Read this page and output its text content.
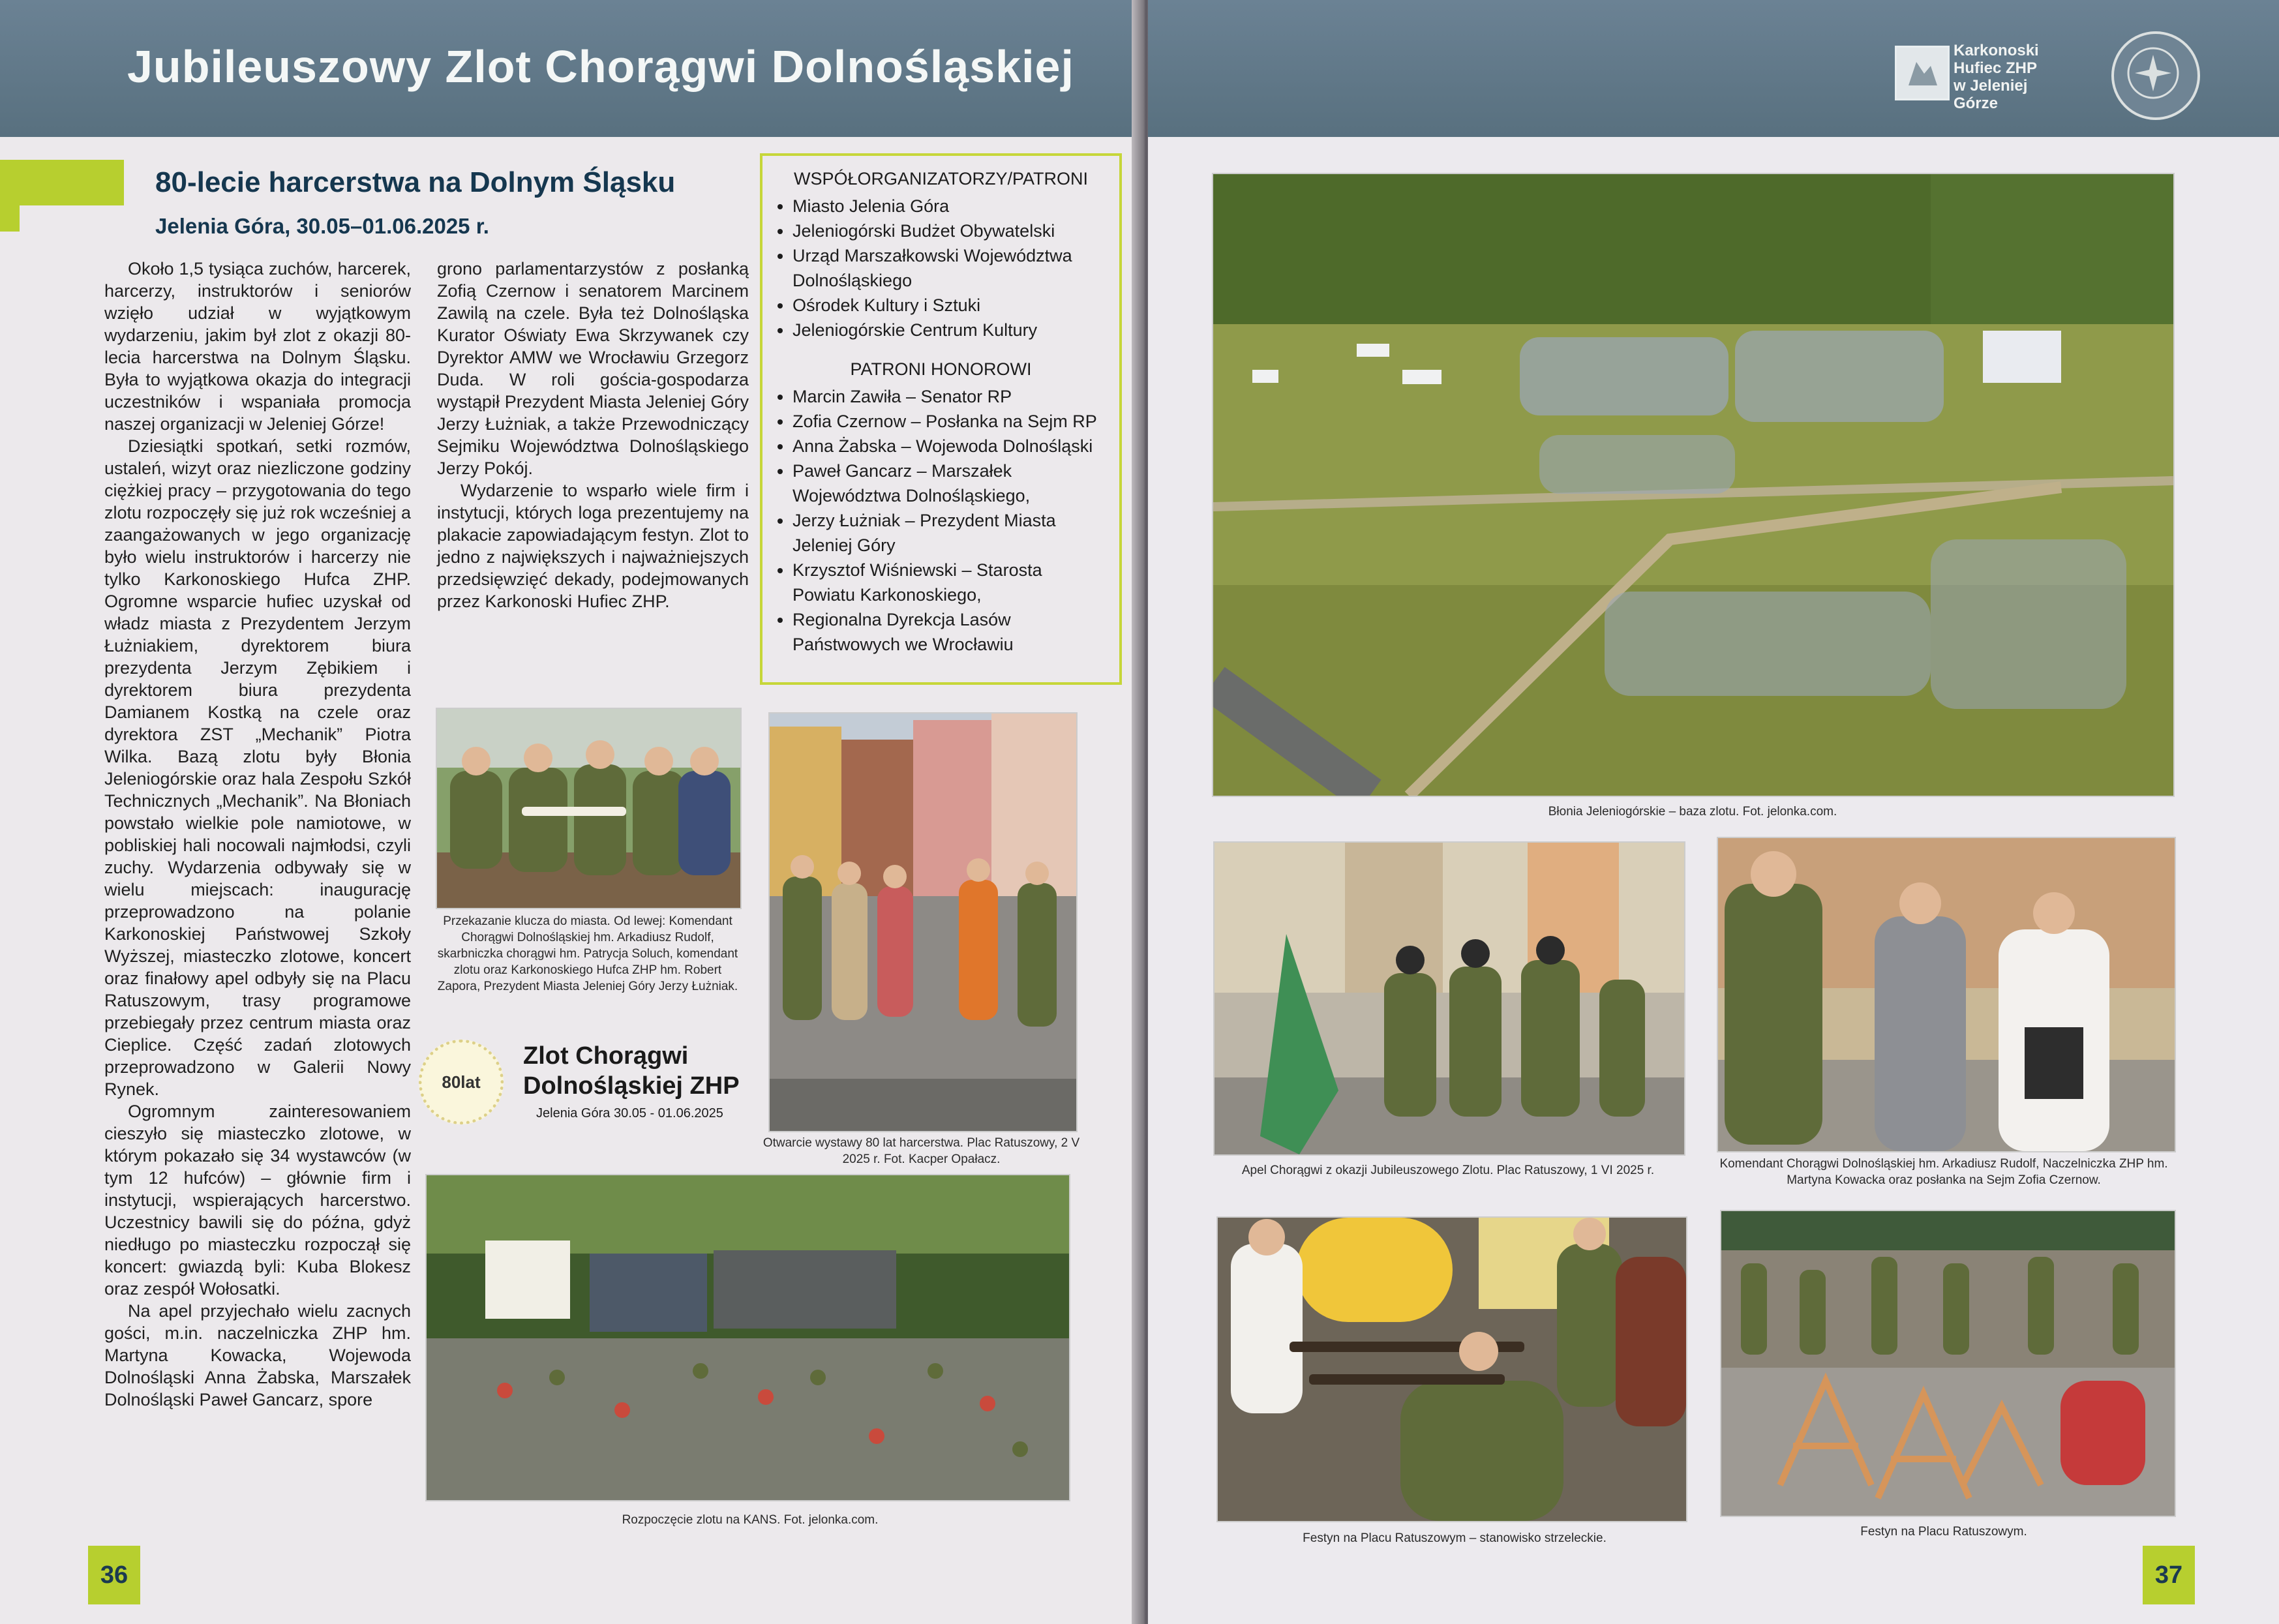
Jubileuszowy Zlot Chorągwi Dolnośląskiej
80-lecie harcerstwa na Dolnym Śląsku
Jelenia Góra, 30.05–01.06.2025 r.

Około 1,5 tysiąca zuchów, harcerek, harcerzy, instruktorów i seniorów wzięło udział w wyjątkowym wydarzeniu, jakim był zlot z okazji 80-lecia harcerstwa na Dolnym Śląsku. Była to wyjątkowa okazja do integracji uczestników i wspaniała promocja naszej organizacji w Jeleniej Górze!

Dziesiątki spotkań, setki rozmów, ustaleń, wizyt oraz niezliczone godziny ciężkiej pracy – przygotowania do tego zlotu rozpoczęły się już rok wcześniej a zaangażowanych w jego organizację było wielu instruktorów i harcerzy nie tylko Karkonoskiego Hufca ZHP. Ogromne wsparcie hufiec uzyskał od władz miasta z Prezydentem Jerzym Łużniakiem, dyrektorem biura prezydenta Jerzym Zębikiem i dyrektorem biura prezydenta Damianem Kostką na czele oraz dyrektora ZST „Mechanik” Piotra Wilka. Bazą zlotu były Błonia Jeleniogórskie oraz hala Zespołu Szkół Technicznych „Mechanik”. Na Błoniach powstało wielkie pole namiotowe, w pobliskiej hali nocowali najmłodsi, czyli zuchy. Wydarzenia odbywały się w wielu miejscach: inaugurację przeprowadzono na polanie Karkonoskiej Państwowej Szkoły Wyższej, miasteczko zlotowe, koncert oraz finałowy apel odbyły się na Placu Ratuszowym, trasy programowe przebiegały przez centrum miasta oraz Cieplice. Część zadań zlotowych przeprowadzono w Galerii Nowy Rynek.

Ogromnym zainteresowaniem cieszyło się miasteczko zlotowe, w którym pokazało się 34 wystawców (w tym 12 hufców) – głównie firm i instytucji, wspierających harcerstwo. Uczestnicy bawili się do późna, gdyż niedługo po miasteczku rozpoczął się koncert: gwiazdą byli: Kuba Blokesz oraz zespół Wołosatki.

Na apel przyjechało wielu zacnych gości, m.in. naczelniczka ZHP hm. Martyna Kowacka, Wojewoda Dolnośląski Anna Żabska, Marszałek Dolnośląski Paweł Gancarz, spore

grono parlamentarzystów z posłanką Zofią Czernow i senatorem Marcinem Zawilą na czele. Była też Dolnośląska Kurator Oświaty Ewa Skrzywanek czy Dyrektor AMW we Wrocławiu Grzegorz Duda. W roli gościa-gospodarza wystąpił Prezydent Miasta Jeleniej Góry Jerzy Łużniak, a także Przewodniczący Sejmiku Województwa Dolnośląskiego Jerzy Pokój.

Wydarzenie to wsparło wiele firm i instytucji, których loga prezentujemy na plakacie zapowiadającym festyn. Zlot to jedno z największych i najważniejszych przedsięwzięć dekady, podejmowanych przez Karkonoski Hufiec ZHP.

WSPÓŁORGANIZATORZY/PATRONI
• Miasto Jelenia Góra
• Jeleniogórski Budżet Obywatelski
• Urząd Marszałkowski Województwa Dolnośląskiego
• Ośrodek Kultury i Sztuki
• Jeleniogórskie Centrum Kultury
PATRONI HONOROWI
• Marcin Zawiła – Senator RP
• Zofia Czernow – Posłanka na Sejm RP
• Anna Żabska – Wojewoda Dolnośląski
• Paweł Gancarz – Marszałek Województwa Dolnośląskiego,
• Jerzy Łużniak – Prezydent Miasta Jeleniej Góry
• Krzysztof Wiśniewski – Starosta Powiatu Karkonoskiego,
• Regionalna Dyrekcja Lasów Państwowych we Wrocławiu
Przekazanie klucza do miasta. Od lewej: Komendant Chorągwi Dolnośląskiej hm. Arkadiusz Rudolf, skarbniczka chorągwi hm. Patrycja Soluch, komendant zlotu oraz Karkonoskiego Hufca ZHP hm. Robert Zapora, Prezydent Miasta Jeleniej Góry Jerzy Łużniak.
80lat
Zlot Chorągwi Dolnośląskiej ZHP
Jelenia Góra 30.05 - 01.06.2025
Otwarcie wystawy 80 lat harcerstwa. Plac Ratuszowy, 2 V 2025 r. Fot. Kacper Opałacz.
Rozpoczęcie zlotu na KANS. Fot. jelonka.com.
36
Karkonoski Hufiec ZHP w Jeleniej Górze
Błonia Jeleniogórskie – baza zlotu. Fot. jelonka.com.
Apel Chorągwi z okazji Jubileuszowego Zlotu. Plac Ratuszowy, 1 VI 2025 r.	Komendant Chorągwi Dolnośląskiej hm. Arkadiusz Rudolf, Naczelniczka ZHP hm. Martyna Kowacka oraz posłanka na Sejm Zofia Czernow.
Festyn na Placu Ratuszowym – stanowisko strzeleckie.	Festyn na Placu Ratuszowym.
37
